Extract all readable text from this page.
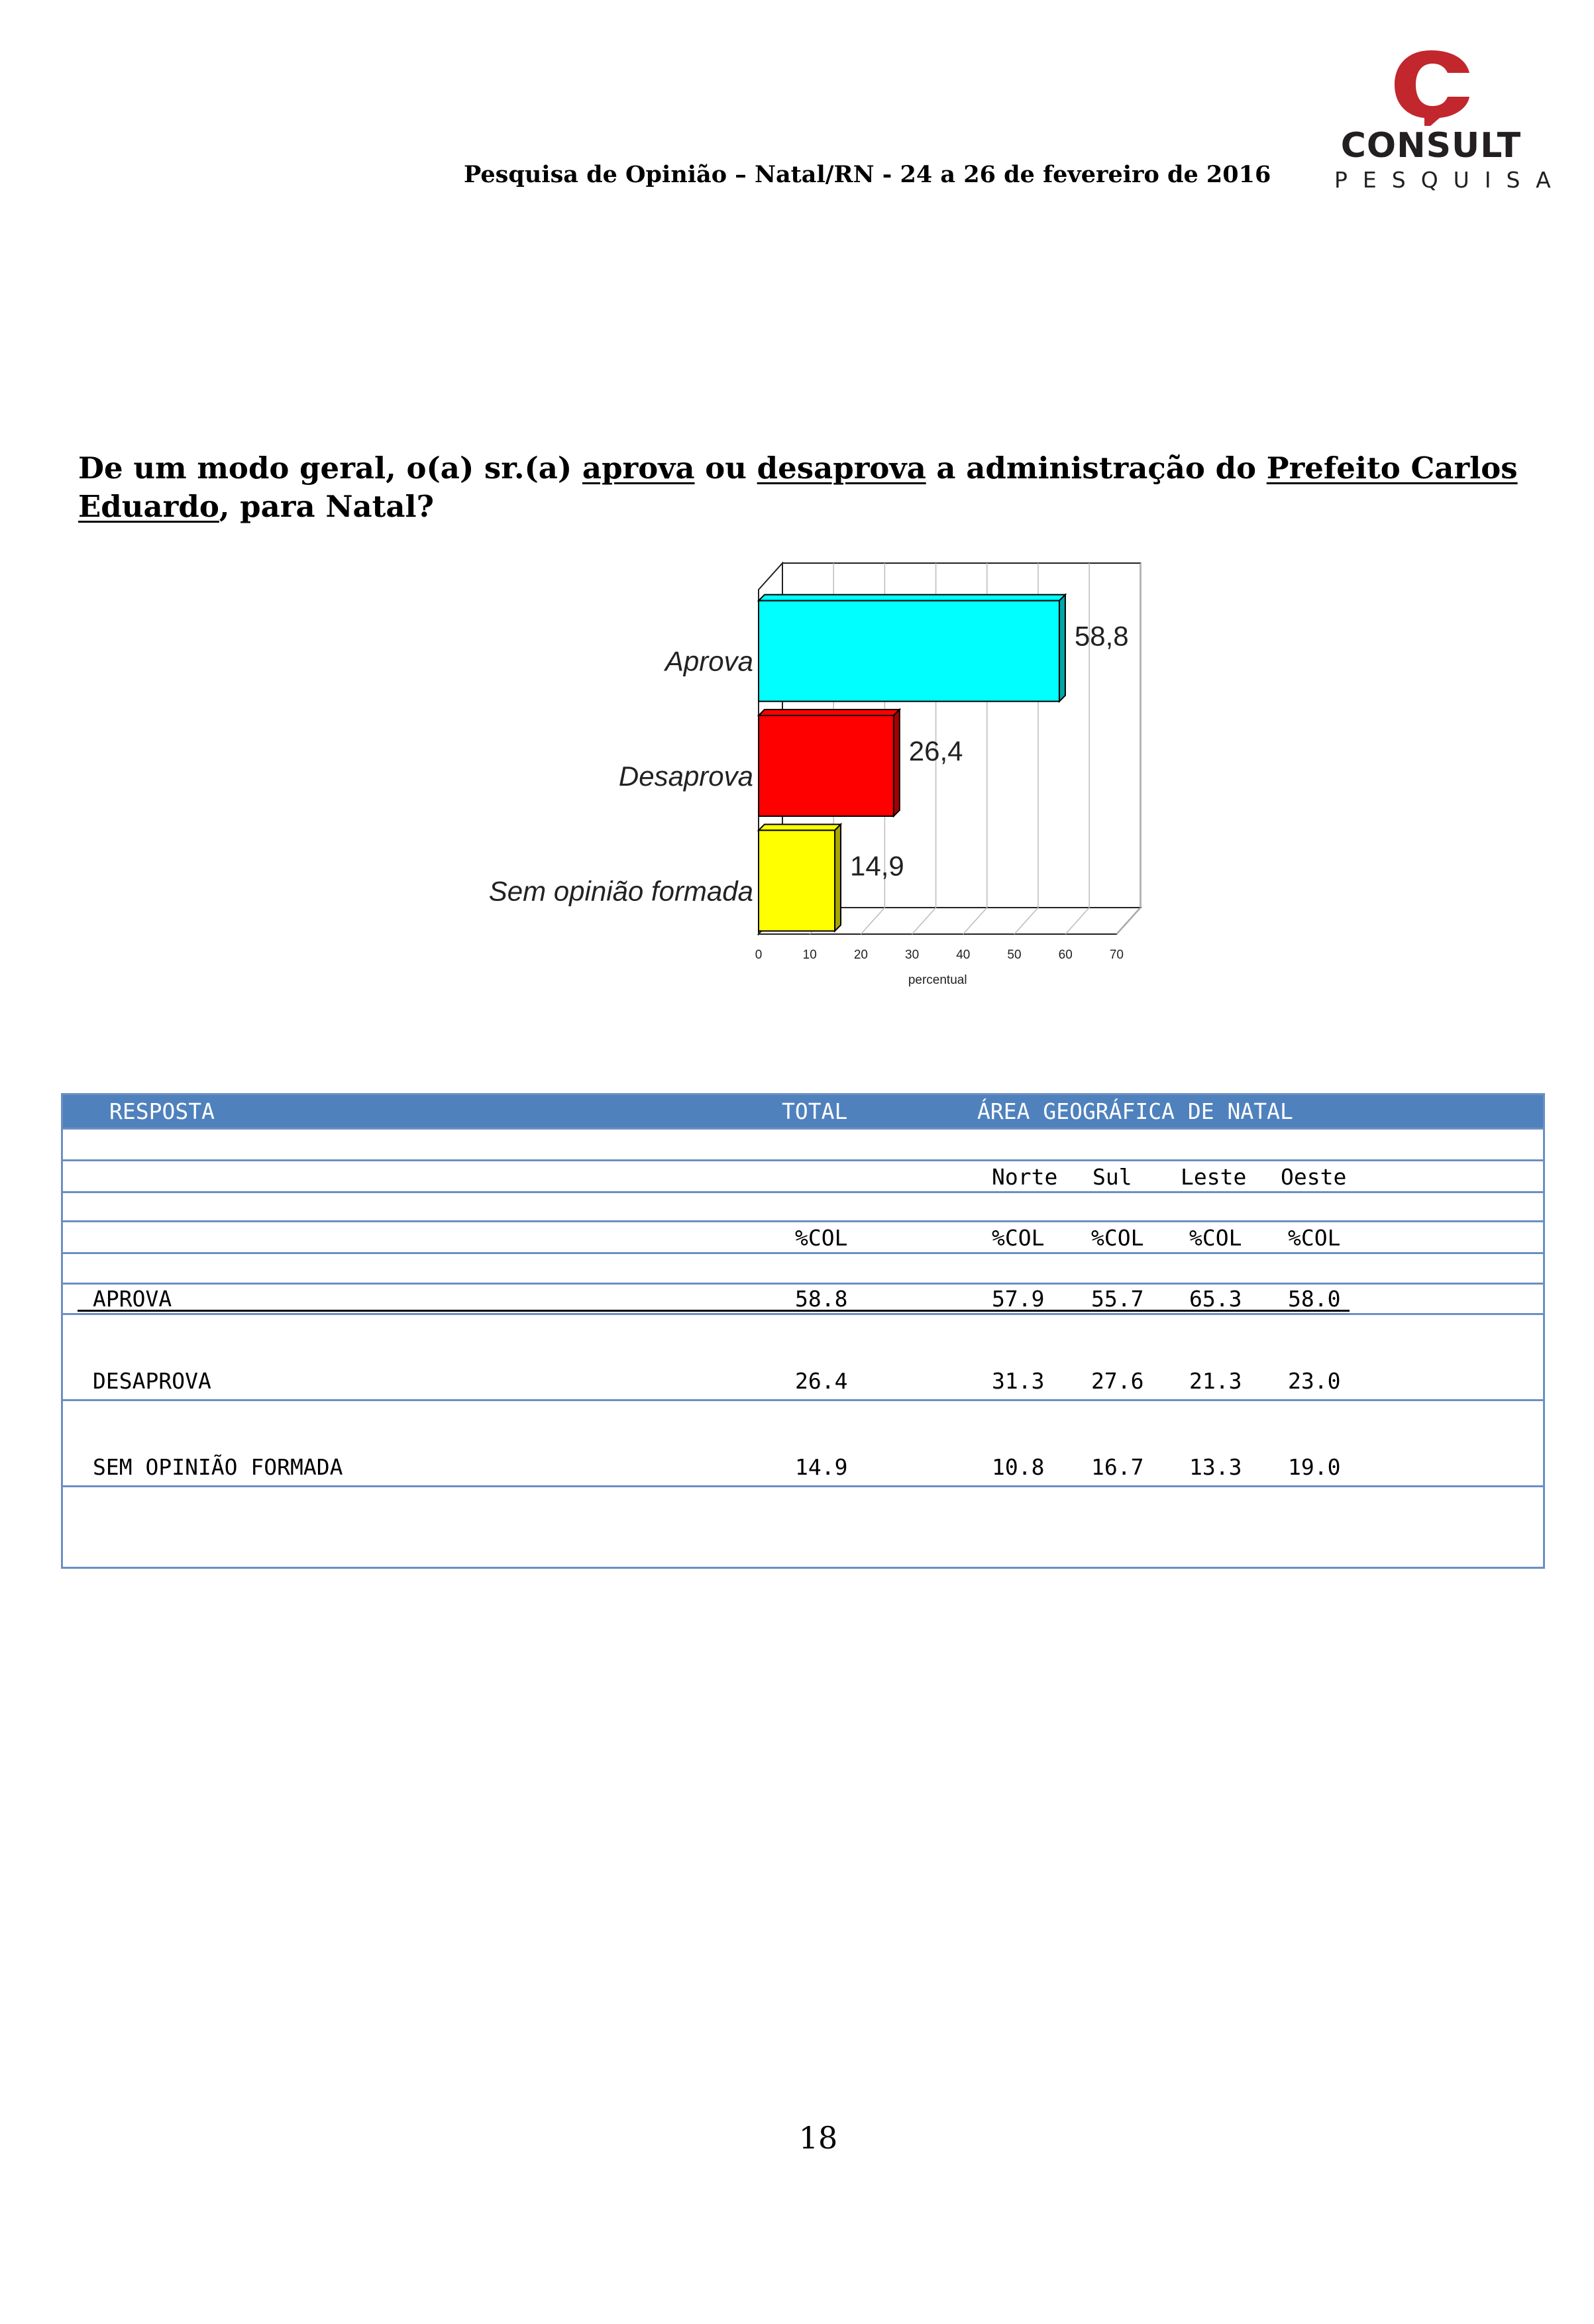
Pesquisa de Opinião – Natal/RN - 24 a 26 de fevereiro de 2016
CONSULT
PESQUISA
De um modo geral, o(a) sr.(a) aprova ou desaprova a administração do Prefeito Carlos Eduardo, para Natal?
0	10	20	30	40	50	60	70
percentual
58,8
Aprova
26,4
Desaprova
14,9
Sem opinião formada
RESPOSTA	TOTAL	ÁREA GEOGRÁFICA DE NATAL
Norte Sul Leste Oeste
%COL	%COL %COL %COL %COL
APROVA	58.8	57.9 55.7 65.3 58.0
DESAPROVA	26.4	31.3 27.6 21.3 23.0
SEM OPINIÃO FORMADA	14.9	10.8 16.7 13.3 19.0
18
